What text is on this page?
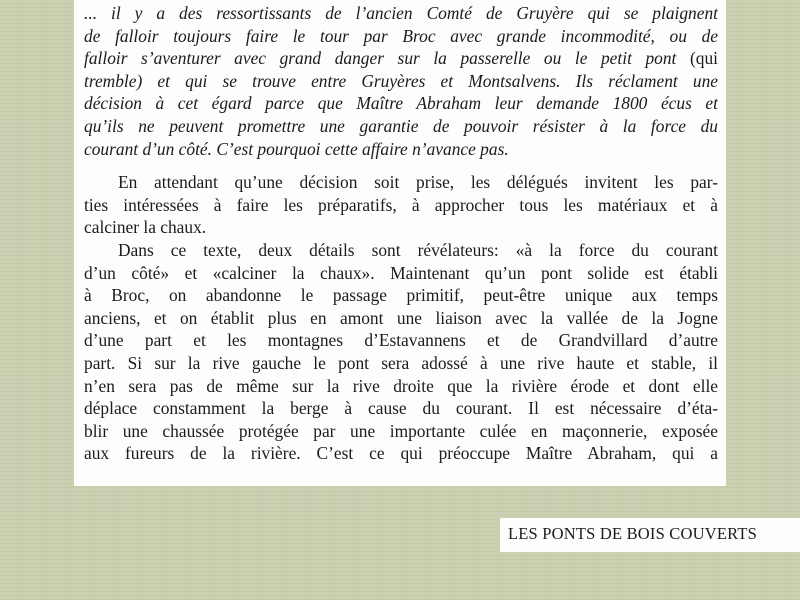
... il y a des ressortissants de l’ancien Comté de Gruyère qui se plaignent
de falloir toujours faire le tour par Broc avec grande incommodité, ou de
falloir s’aventurer avec grand danger sur la passerelle ou le petit pont (qui
tremble) et qui se trouve entre Gruyères et Montsalvens. Ils réclament une
décision à cet égard parce que Maître Abraham leur demande 1800 écus et
qu’ils ne peuvent promettre une garantie de pouvoir résister à la force du
courant d’un côté. C’est pourquoi cette affaire n’avance pas.
En attendant qu’une décision soit prise, les délégués invitent les par-
ties intéressées à faire les préparatifs, à approcher tous les matériaux et à
calciner la chaux.
Dans ce texte, deux détails sont révélateurs: «à la force du courant
d’un côté» et «calciner la chaux». Maintenant qu’un pont solide est établi
à Broc, on abandonne le passage primitif, peut-être unique aux temps
anciens, et on établit plus en amont une liaison avec la vallée de la Jogne
d’une part et les montagnes d’Estavannens et de Grandvillard d’autre
part. Si sur la rive gauche le pont sera adossé à une rive haute et stable, il
n’en sera pas de même sur la rive droite que la rivière érode et dont elle
déplace constamment la berge à cause du courant. Il est nécessaire d’éta-
blir une chaussée protégée par une importante culée en maçonnerie, exposée
aux fureurs de la rivière. C’est ce qui préoccupe Maître Abraham, qui a
LES PONTS DE BOIS COUVERTS
